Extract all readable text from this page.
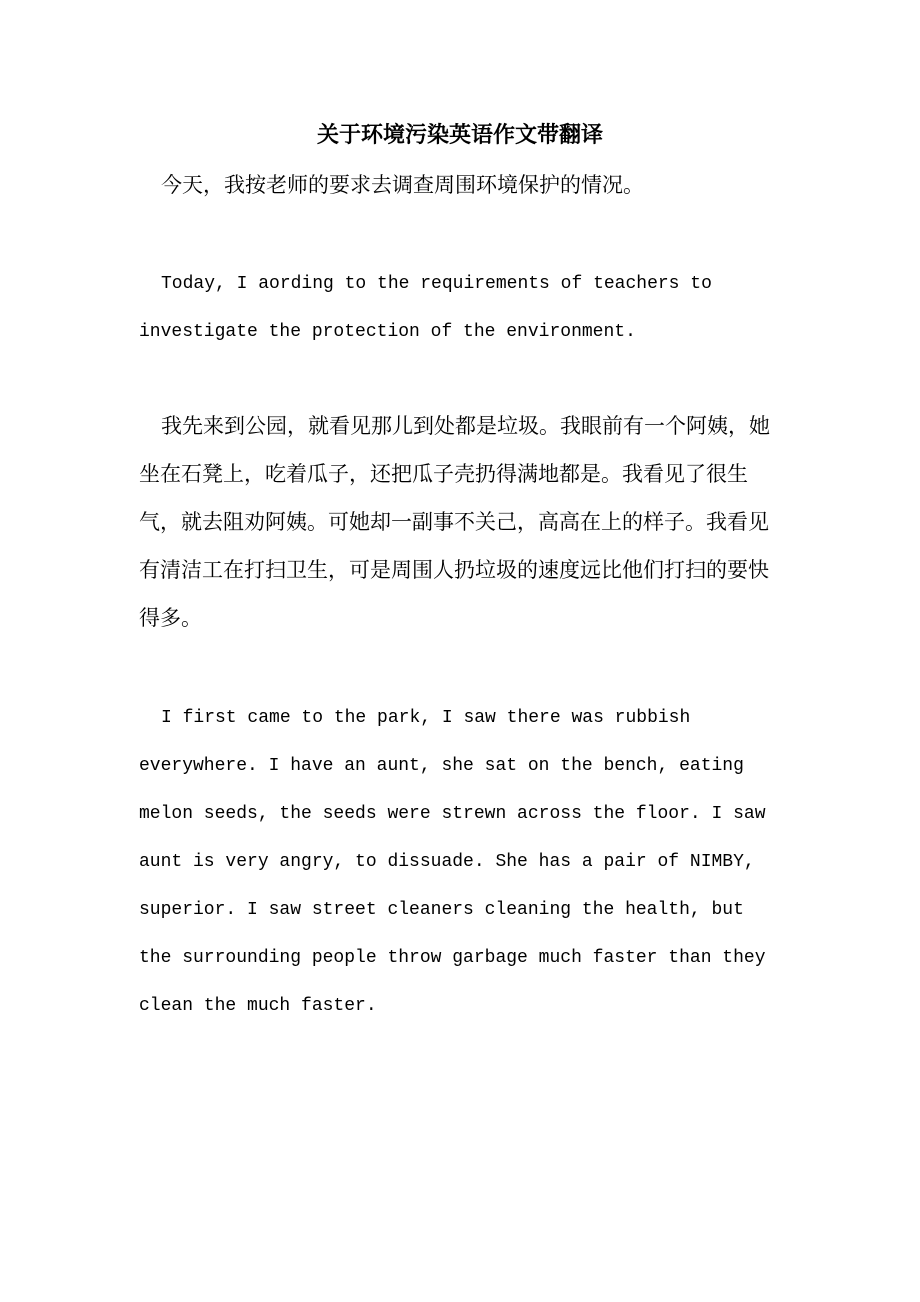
关于环境污染英语作文带翻译

今天，我按老师的要求去调查周围环境保护的情况。

Today, I aording to the requirements of teachers to investigate the protection of the environment.

我先来到公园，就看见那儿到处都是垃圾。我眼前有一个阿姨，她坐在石凳上，吃着瓜子，还把瓜子壳扔得满地都是。我看见了很生气，就去阻劝阿姨。可她却一副事不关己，高高在上的样子。我看见有清洁工在打扫卫生，可是周围人扔垃圾的速度远比他们打扫的要快得多。

I first came to the park, I saw there was rubbish everywhere. I have an aunt, she sat on the bench, eating melon seeds, the seeds were strewn across the floor. I saw aunt is very angry, to dissuade. She has a pair of NIMBY, superior. I saw street cleaners cleaning the health, but the surrounding people throw garbage much faster than they clean the much faster.
